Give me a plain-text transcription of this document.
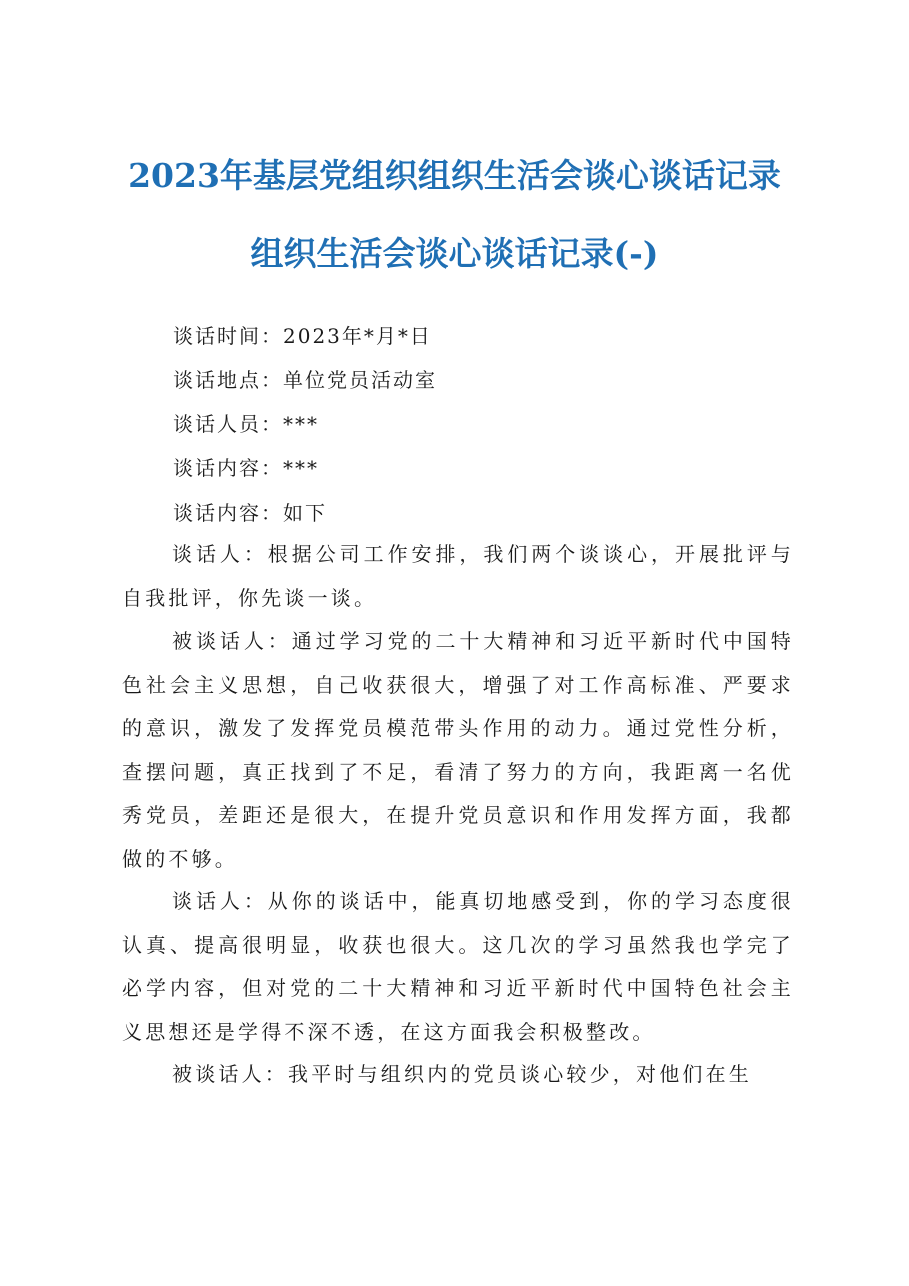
2023年基层党组织组织生活会谈心谈话记录
组织生活会谈心谈话记录(-)
谈话时间：2023年*月*日
谈话地点：单位党员活动室
谈话人员：***
谈话内容：***
谈话内容：如下

谈话人：根据公司工作安排，我们两个谈谈心，开展批评与自我批评，你先谈一谈。

被谈话人：通过学习党的二十大精神和习近平新时代中国特色社会主义思想，自己收获很大，增强了对工作高标准、严要求的意识，激发了发挥党员模范带头作用的动力。通过党性分析，查摆问题，真正找到了不足，看清了努力的方向，我距离一名优秀党员，差距还是很大，在提升党员意识和作用发挥方面，我都做的不够。

谈话人：从你的谈话中，能真切地感受到，你的学习态度很认真、提高很明显，收获也很大。这几次的学习虽然我也学完了必学内容，但对党的二十大精神和习近平新时代中国特色社会主义思想还是学得不深不透，在这方面我会积极整改。

被谈话人：我平时与组织内的党员谈心较少，对他们在生
